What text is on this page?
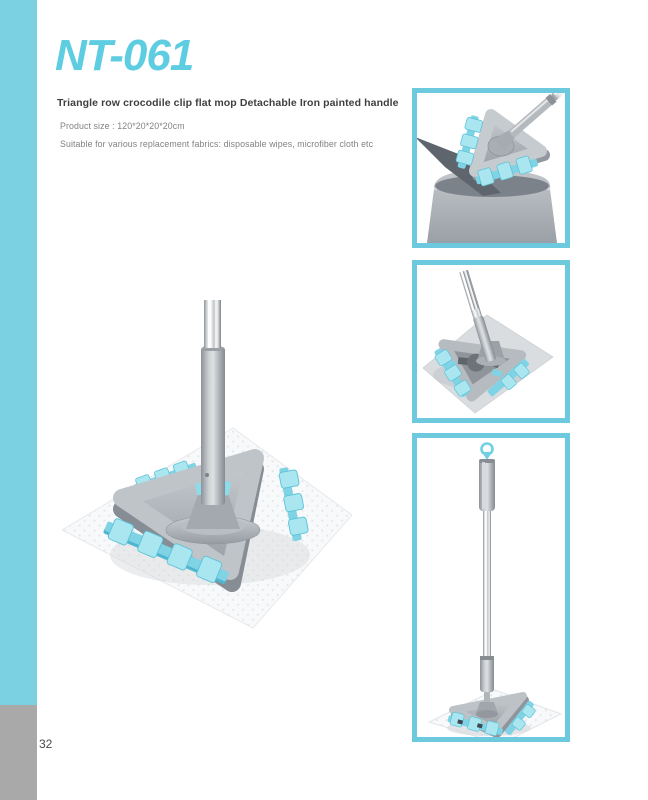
32
NT-061
Triangle row crocodile clip flat mop Detachable Iron painted handle
Product size : 120*20*20*20cm
Suitable for various replacement fabrics: disposable wipes, microfiber cloth etc
